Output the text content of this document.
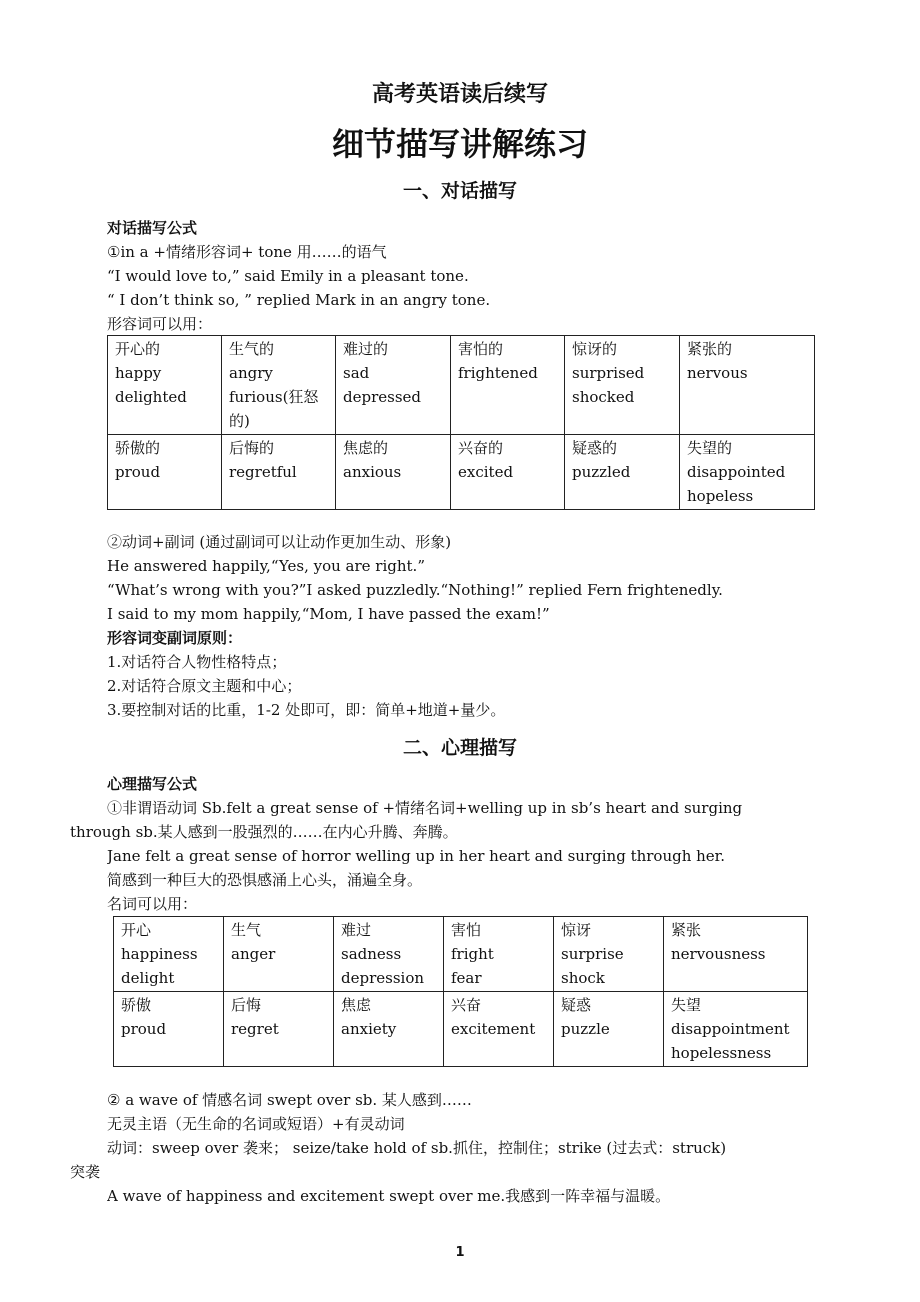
高考英语读后续写
细节描写讲解练习
一、对话描写
对话描写公式
①in a +情绪形容词+ tone 用……的语气
“I would love to,” said Emily in a pleasant tone.
“ I don’t think so, ” replied Mark in an angry tone.
形容词可以用：
开心的
happy
delighted	生气的
angry
furious(狂怒的)	难过的
sad
depressed	害怕的
frightened	惊讶的
surprised
shocked	紧张的
nervous

骄傲的
proud	后悔的
regretful	焦虑的
anxious	兴奋的
excited	疑惑的
puzzled	失望的
disappointed
hopeless
②动词+副词 (通过副词可以让动作更加生动、形象)
He answered happily,“Yes, you are right.”
“What’s wrong with you?”I asked puzzledly.“Nothing!” replied Fern frightenedly.
I said to my mom happily,“Mom, I have passed the exam!”
形容词变副词原则：
1.对话符合人物性格特点；
2.对话符合原文主题和中心；
3.要控制对话的比重，1-2 处即可，即：简单+地道+量少。
二、心理描写
心理描写公式
①非谓语动词 Sb.felt a great sense of +情绪名词+welling up in sb’s heart and surging
through sb.某人感到一股强烈的……在内心升腾、奔腾。
Jane felt a great sense of horror welling up in her heart and surging through her.
简感到一种巨大的恐惧感涌上心头，涌遍全身。
名词可以用：
开心
happiness
delight	生气
anger	难过
sadness
depression	害怕
fright
fear	惊讶
surprise
shock	紧张
nervousness

骄傲
proud	后悔
regret	焦虑
anxiety	兴奋
excitement	疑惑
puzzle	失望
disappointment
hopelessness
② a wave of 情感名词 swept over sb. 某人感到……
无灵主语（无生命的名词或短语）+有灵动词
动词：sweep over 袭来； seize/take hold of sb.抓住，控制住；strike (过去式：struck)
突袭
A wave of happiness and excitement swept over me.我感到一阵幸福与温暖。
1
